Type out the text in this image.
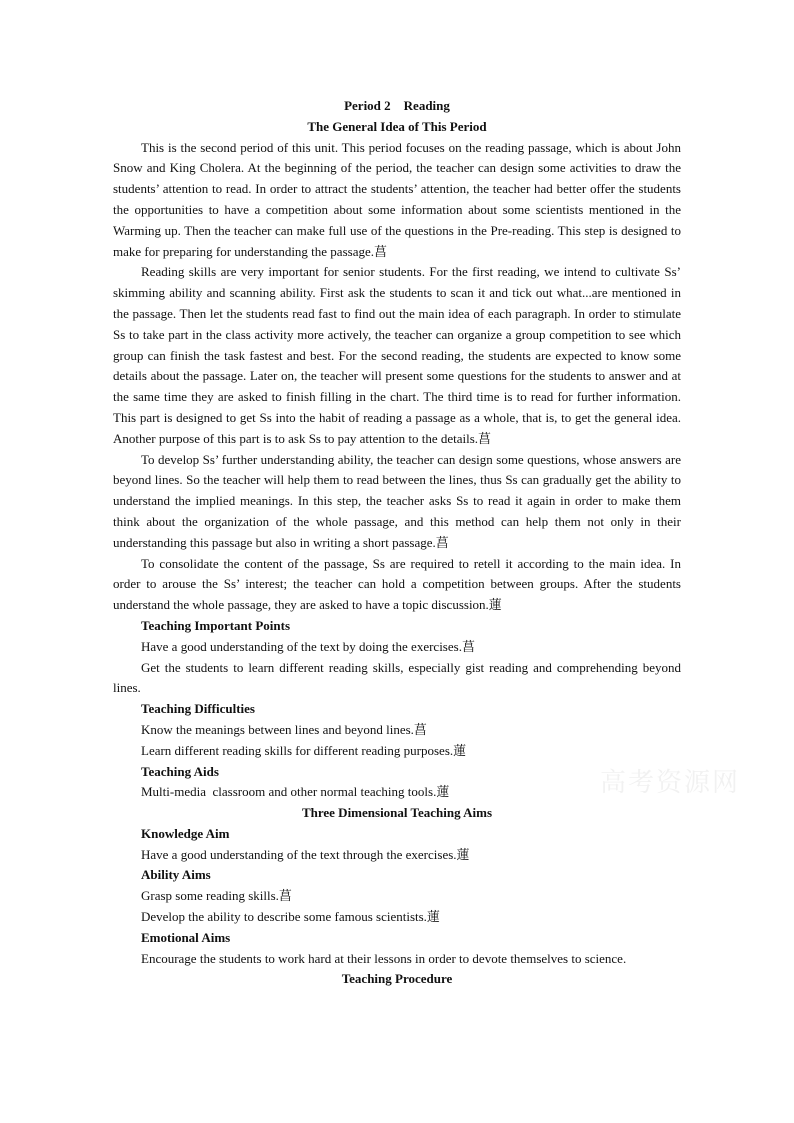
Period 2    Reading
The General Idea of This Period

This is the second period of this unit. This period focuses on the reading passage, which is about John Snow and King Cholera. At the beginning of the period, the teacher can design some activities to draw the students’ attention to read. In order to attract the students’ attention, the teacher had better offer the students the opportunities to have a competition about some information about some scientists mentioned in the Warming up. Then the teacher can make full use of the questions in the Pre-reading. This step is designed to make for preparing for understanding the passage.菖

Reading skills are very important for senior students. For the first reading, we intend to cultivate Ss’ skimming ability and scanning ability. First ask the students to scan it and tick out what...are mentioned in the passage. Then let the students read fast to find out the main idea of each paragraph. In order to stimulate Ss to take part in the class activity more actively, the teacher can organize a group competition to see which group can finish the task fastest and best. For the second reading, the students are expected to know some details about the passage. Later on, the teacher will present some questions for the students to answer and at the same time they are asked to finish filling in the chart. The third time is to read for further information. This part is designed to get Ss into the habit of reading a passage as a whole, that is, to get the general idea. Another purpose of this part is to ask Ss to pay attention to the details.菖

To develop Ss’ further understanding ability, the teacher can design some questions, whose answers are beyond lines. So the teacher will help them to read between the lines, thus Ss can gradually get the ability to understand the implied meanings. In this step, the teacher asks Ss to read it again in order to make them think about the organization of the whole passage, and this method can help them not only in their understanding this passage but also in writing a short passage.菖

To consolidate the content of the passage, Ss are required to retell it according to the main idea. In order to arouse the Ss’ interest; the teacher can hold a competition between groups. After the students understand the whole passage, they are asked to have a topic discussion.蓮

Teaching Important Points

Have a good understanding of the text by doing the exercises.菖

Get the students to learn different reading skills, especially gist reading and comprehending beyond lines.

Teaching Difficulties

Know the meanings between lines and beyond lines.菖

Learn different reading skills for different reading purposes.蓮

Teaching Aids

Multi-media  classroom and other normal teaching tools.蓮

Three Dimensional Teaching Aims

Knowledge Aim

Have a good understanding of the text through the exercises.蓮

Ability Aims

Grasp some reading skills.菖

Develop the ability to describe some famous scientists.蓮

Emotional Aims

Encourage the students to work hard at their lessons in order to devote themselves to science.

Teaching Procedure
高考资源网
